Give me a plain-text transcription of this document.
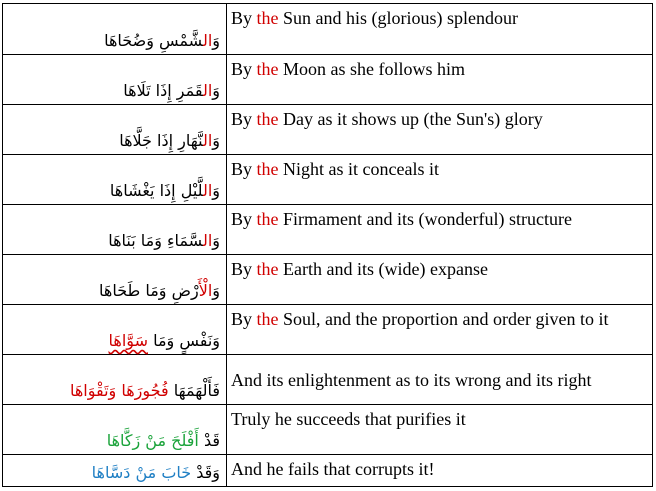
وَالشَّمْسِ وَضُحَاهَا	By the Sun and his (glorious) splendour
وَالقَمَرِ إِذَا تَلَاهَا	By the Moon as she follows him
وَالنَّهَارِ إِذَا جَلَّاهَا	By the Day as it shows up (the Sun's) glory
وَاللَّيْلِ إِذَا يَغْشَاهَا	By the Night as it conceals it
وَالسَّمَاءِ وَمَا بَنَاهَا	By the Firmament and its (wonderful) structure
وَالْأَرْضِ وَمَا طَحَاهَا	By the Earth and its (wide) expanse
وَنَفْسٍ وَمَا سَوَّاهَا	By the Soul, and the proportion and order given to it
فَأَلْهَمَهَا فُجُورَهَا وَتَقْوَاهَا	And its enlightenment as to its wrong and its right
قَدْ أَفْلَحَ مَنْ زَكَّاهَا	Truly he succeeds that purifies it
وَقَدْ خَابَ مَنْ دَسَّاهَا	And he fails that corrupts it!
